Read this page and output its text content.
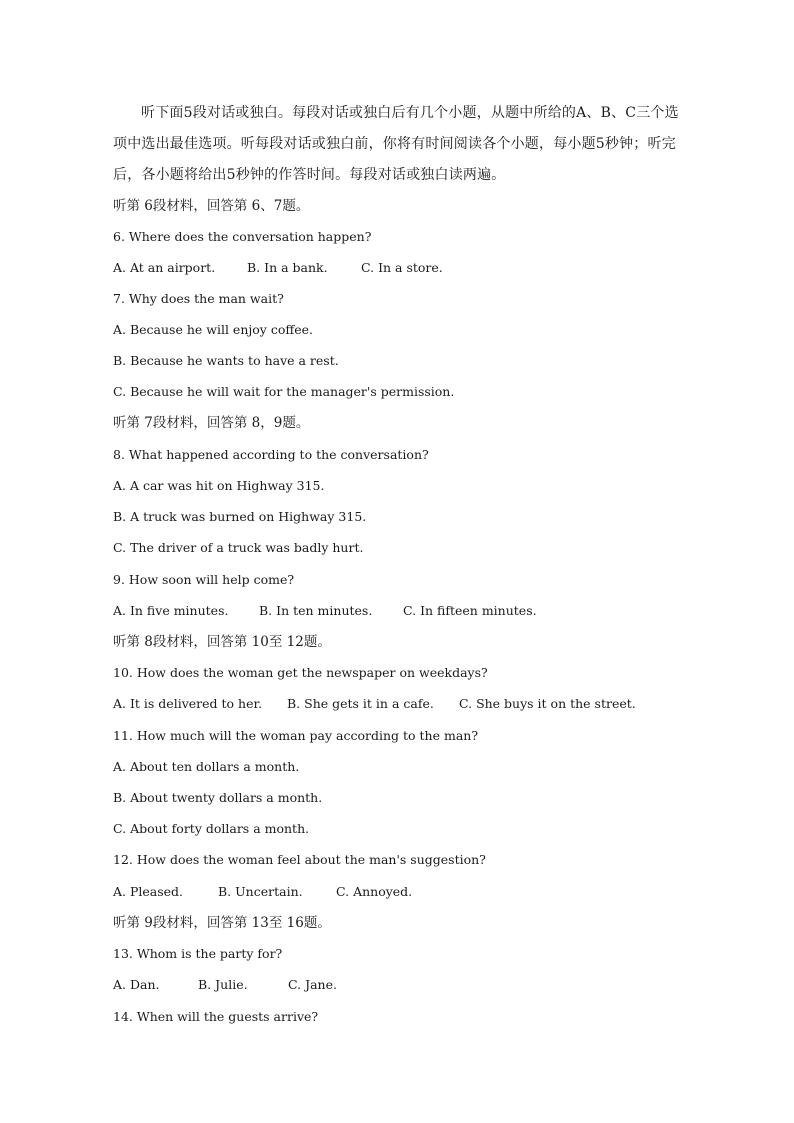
听下面5段对话或独白。每段对话或独白后有几个小题，从题中所给的A、B、C三个选项中选出最佳选项。听每段对话或独白前，你将有时间阅读各个小题，每小题5秒钟；听完后，各小题将给出5秒钟的作答时间。每段对话或独白读两遍。

听第 6段材料，回答第 6、7题。

6. Where does the conversation happen?

A. At an airport.	B. In a bank.	C. In a store.

7. Why does the man wait?

A. Because he will enjoy coffee.

B. Because he wants to have a rest.

C. Because he will wait for the manager's permission.

听第 7段材料，回答第 8，9题。

8. What happened according to the conversation?

A. A car was hit on Highway 315.

B. A truck was burned on Highway 315.

C. The driver of a truck was badly hurt.

9. How soon will help come?

A. In five minutes. B. In ten minutes. C. In fifteen minutes.

听第 8段材料，回答第 10至 12题。

10. How does the woman get the newspaper on weekdays?

A. It is delivered to her. B. She gets it in a cafe. C. She buys it on the street.

11. How much will the woman pay according to the man?

A. About ten dollars a month.

B. About twenty dollars a month.

C. About forty dollars a month.

12. How does the woman feel about the man's suggestion?

A. Pleased.	B. Uncertain.	C. Annoyed.

听第 9段材料，回答第 13至 16题。

13. Whom is the party for?

A. Dan.	B. Julie.	C. Jane.

14. When will the guests arrive?
